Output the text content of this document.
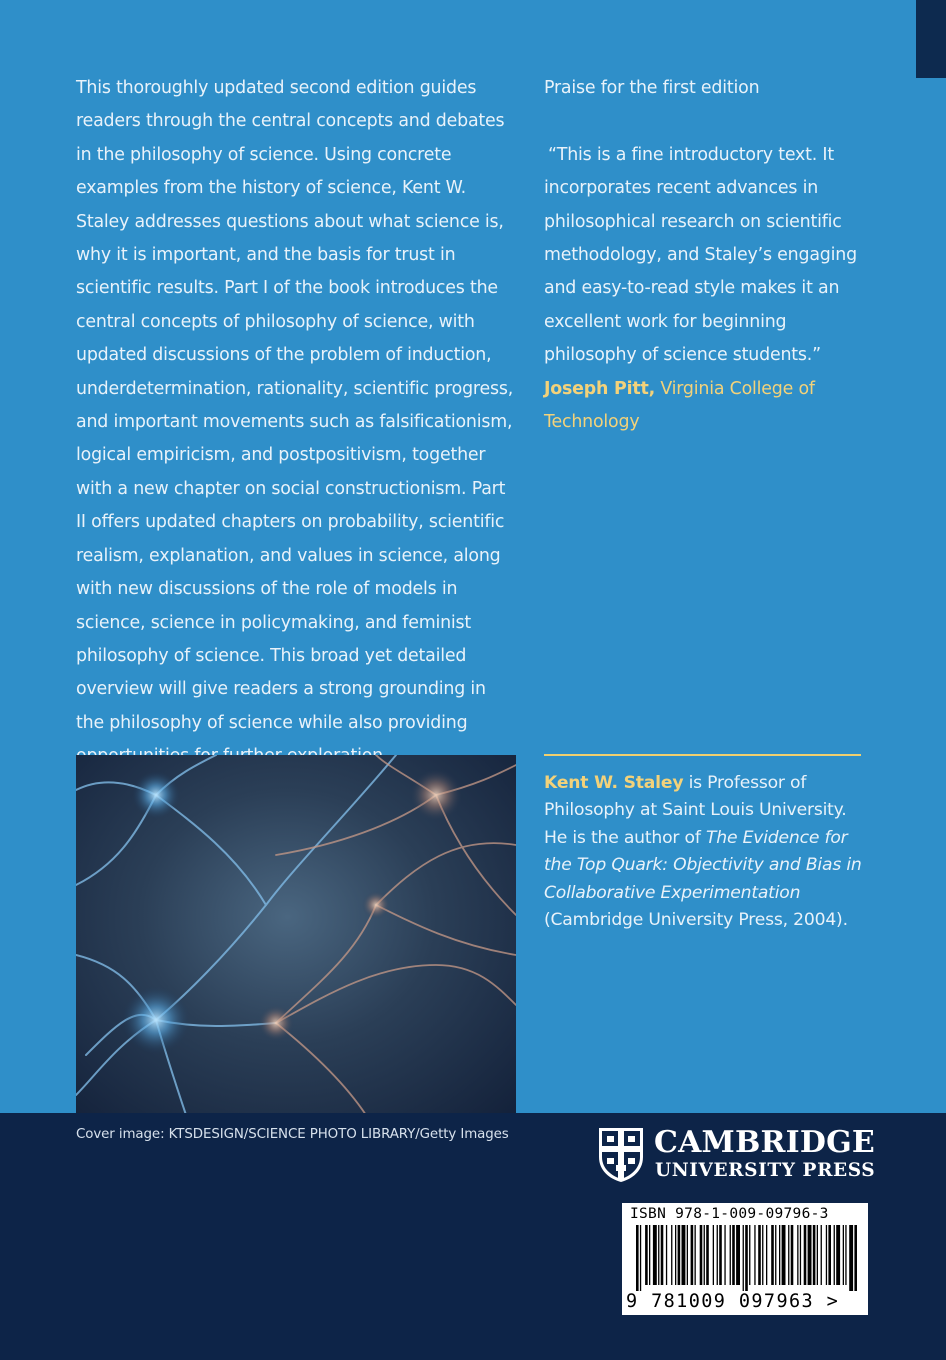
This thoroughly updated second edition guides readers through the central concepts and debates in the philosophy of science. Using concrete examples from the history of science, Kent W. Staley addresses questions about what science is, why it is important, and the basis for trust in scientific results. Part I of the book introduces the central concepts of philosophy of science, with updated discussions of the problem of induction, underdetermination, rationality, scientific progress, and important movements such as falsificationism, logical empiricism, and postpositivism, together with a new chapter on social constructionism. Part II offers updated chapters on probability, scientific realism, explanation, and values in science, along with new discussions of the role of models in science, science in policymaking, and feminist philosophy of science. This broad yet detailed overview will give readers a strong grounding in the philosophy of science while also providing

Praise for the first edition

“This is a fine introductory text. It incorporates recent advances in philosophical research on scientific methodology, and Staley’s engaging and easy-to-read style makes it an excellent work for beginning philosophy of science students.”

Joseph Pitt, Virginia College of Technology

Kent W. Staley is Professor of Philosophy at Saint Louis University. He is the author of The Evidence for the Top Quark: Objectivity and Bias in Collaborative Experimentation (Cambridge University Press, 2004).

Cover image: KTSDESIGN/SCIENCE PHOTO LIBRARY/Getty Images	CAMBRIDGE
UNIVERSITY PRESS
ISBN 978-1-009-09796-3
9 781009 097963 >
